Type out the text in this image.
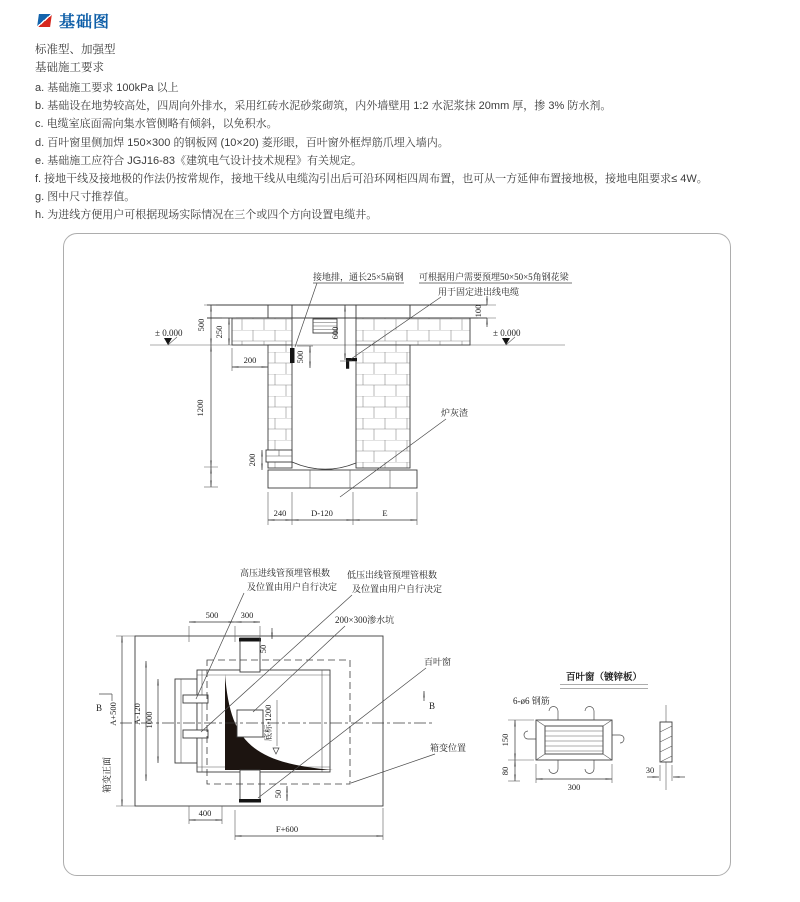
基础图
标准型、加强型
基础施工要求
a. 基础施工要求 100kPa 以上
b. 基础设在地势较高处，四周向外排水，采用红砖水泥砂浆砌筑，内外墙壁用 1:2 水泥浆抹 20mm 厚，掺 3% 防水剂。
c. 电缆室底面需向集水管侧略有倾斜，以免积水。
d. 百叶窗里侧加焊 150×300 的钢板网 (10×20) 菱形眼，百叶窗外框焊筋爪埋入墙内。
e. 基础施工应符合 JGJ16-83《建筑电气设计技术规程》有关规定。
f. 接地干线及接地极的作法仍按常规作，接地干线从电缆沟引出后可沿环网柜四周布置，也可从一方延伸布置接地极，接地电阻要求≤ 4W。
g. 图中尺寸推荐值。
h. 为进线方便用户可根据现场实际情况在三个或四个方向设置电缆井。
± 0.000	± 0.000
接地排，通长25×5扁钢 可根据用户需要预埋50×50×5角钢花梁
用于固定进出线电缆
炉灰渣
500
1200
250
200	500
600
100
200
240	D-120	E
底标-1200
B	B
高压进线管预埋管根数
及位置由用户自行决定
低压出线管预埋管根数
及位置由用户自行决定
200×300渗水坑
百叶窗
箱变位置
500	300
50
A+500 A-120 1000
箱变正面
400
F+600
50
百叶窗（镀锌板）
6-ø6 钢筋
150
80
300
30
